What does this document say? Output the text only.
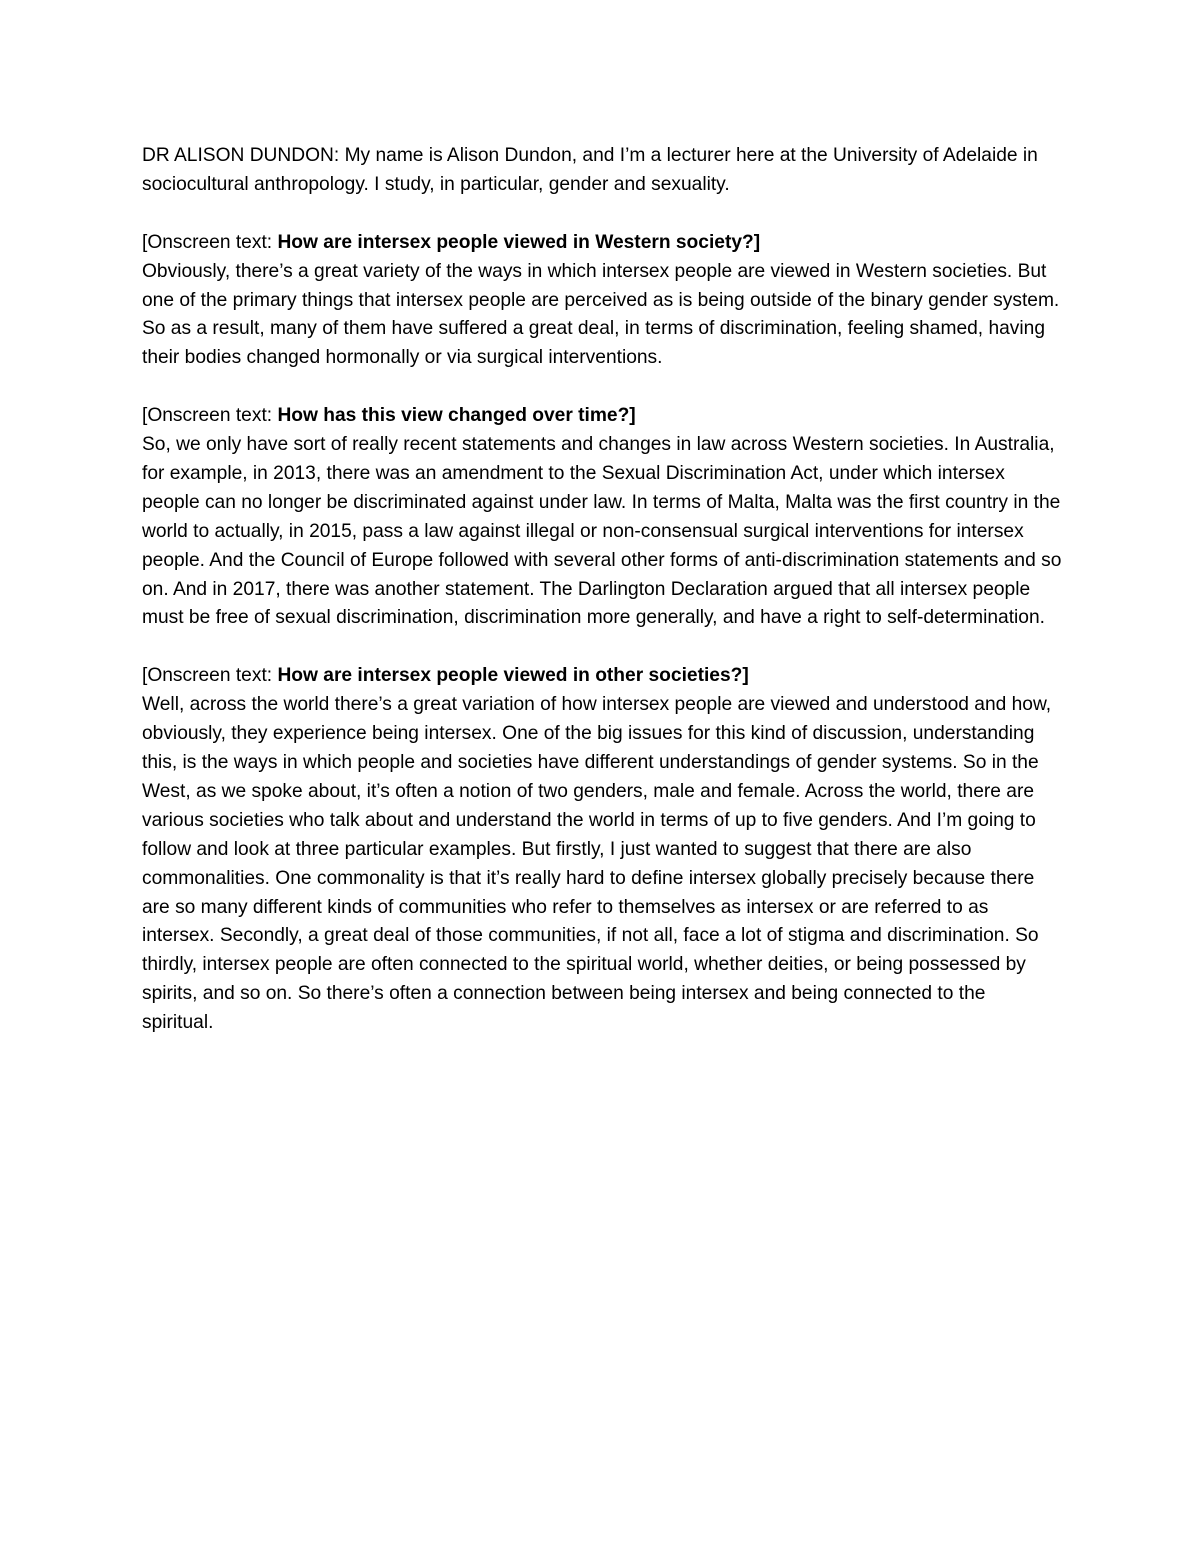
DR ALISON DUNDON: My name is Alison Dundon, and I’m a lecturer here at the University of Adelaide in sociocultural anthropology. I study, in particular, gender and sexuality.

[Onscreen text: How are intersex people viewed in Western society?]
Obviously, there’s a great variety of the ways in which intersex people are viewed in Western societies. But one of the primary things that intersex people are perceived as is being outside of the binary gender system. So as a result, many of them have suffered a great deal, in terms of discrimination, feeling shamed, having their bodies changed hormonally or via surgical interventions.

[Onscreen text: How has this view changed over time?]
So, we only have sort of really recent statements and changes in law across Western societies. In Australia, for example, in 2013, there was an amendment to the Sexual Discrimination Act, under which intersex people can no longer be discriminated against under law. In terms of Malta, Malta was the first country in the world to actually, in 2015, pass a law against illegal or non-consensual surgical interventions for intersex people. And the Council of Europe followed with several other forms of anti-discrimination statements and so on. And in 2017, there was another statement. The Darlington Declaration argued that all intersex people must be free of sexual discrimination, discrimination more generally, and have a right to self-determination.

[Onscreen text: How are intersex people viewed in other societies?]
Well, across the world there’s a great variation of how intersex people are viewed and understood and how, obviously, they experience being intersex. One of the big issues for this kind of discussion, understanding this, is the ways in which people and societies have different understandings of gender systems. So in the West, as we spoke about, it’s often a notion of two genders, male and female. Across the world, there are various societies who talk about and understand the world in terms of up to five genders. And I’m going to follow and look at three particular examples. But firstly, I just wanted to suggest that there are also commonalities. One commonality is that it’s really hard to define intersex globally precisely because there are so many different kinds of communities who refer to themselves as intersex or are referred to as intersex. Secondly, a great deal of those communities, if not all, face a lot of stigma and discrimination. So thirdly, intersex people are often connected to the spiritual world, whether deities, or being possessed by spirits, and so on. So there’s often a connection between being intersex and being connected to the spiritual.
